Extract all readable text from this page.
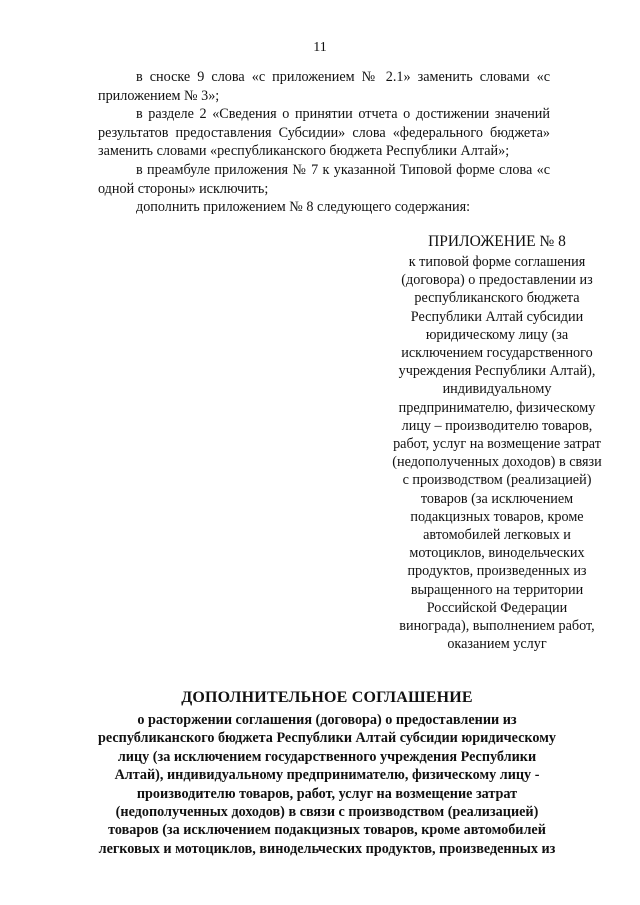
11

в сноске 9 слова «с приложением № 2.1» заменить словами «с приложением № 3»;

в разделе 2 «Сведения о принятии отчета о достижении значений результатов предоставления Субсидии» слова «федерального бюджета» заменить словами «республиканского бюджета Республики Алтай»;

в преамбуле приложения № 7 к указанной Типовой форме слова «с одной стороны» исключить;

дополнить приложением № 8 следующего содержания:

ПРИЛОЖЕНИЕ № 8
к типовой форме соглашения (договора) о предоставлении из республиканского бюджета Республики Алтай субсидии юридическому лицу (за исключением государственного учреждения Республики Алтай), индивидуальному предпринимателю, физическому лицу – производителю товаров, работ, услуг на возмещение затрат (недополученных доходов) в связи с производством (реализацией) товаров (за исключением подакцизных товаров, кроме автомобилей легковых и мотоциклов, винодельческих продуктов, произведенных из выращенного на территории Российской Федерации винограда), выполнением работ, оказанием услуг
ДОПОЛНИТЕЛЬНОЕ СОГЛАШЕНИЕ
о расторжении соглашения (договора) о предоставлении из республиканского бюджета Республики Алтай субсидии юридическому лицу (за исключением государственного учреждения Республики Алтай), индивидуальному предпринимателю, физическому лицу - производителю товаров, работ, услуг на возмещение затрат (недополученных доходов) в связи с производством (реализацией) товаров (за исключением подакцизных товаров, кроме автомобилей легковых и мотоциклов, винодельческих продуктов, произведенных из
